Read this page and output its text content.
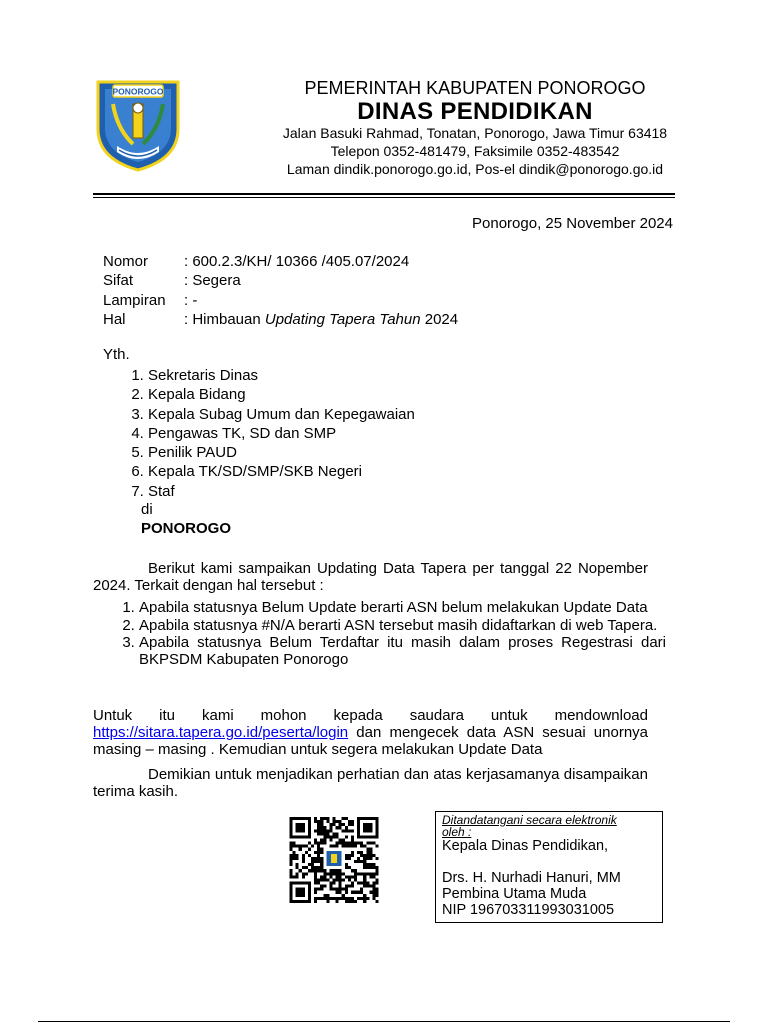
PONOROGO	PEMERINTAH KABUPATEN PONOROGO
DINAS PENDIDIKAN
Jalan Basuki Rahmad, Tonatan, Ponorogo, Jawa Timur 63418
Telepon 0352-481479, Faksimile 0352-483542
Laman dindik.ponorogo.go.id, Pos-el dindik@ponorogo.go.id
Ponorogo, 25 November 2024
Nomor : 600.2.3/KH/ 10366 /405.07/2024
Sifat	: Segera
Lampiran : -
Hal	: Himbauan Updating Tapera Tahun 2024
Yth.
1. Sekretaris Dinas
2. Kepala Bidang
3. Kepala Subag Umum dan Kepegawaian
4. Pengawas TK, SD dan SMP
5. Penilik PAUD
6. Kepala TK/SD/SMP/SKB Negeri
7. Staf
di
PONOROGO
Berikut kami sampaikan Updating Data Tapera per tanggal 22 Nopember 2024. Terkait dengan hal tersebut :
1. Apabila statusnya Belum Update berarti ASN belum melakukan Update Data
2. Apabila statusnya #N/A berarti ASN tersebut masih didaftarkan di web Tapera.
3. Apabila statusnya Belum Terdaftar itu masih dalam proses Regestrasi dari BKPSDM Kabupaten Ponorogo
Untuk itu kami mohon kepada saudara untuk mendownload https://sitara.tapera.go.id/peserta/login dan mengecek data ASN sesuai unornya masing – masing . Kemudian untuk segera melakukan Update Data
Demikian untuk menjadikan perhatian dan atas kerjasamanya disampaikan terima kasih.
Ditandatangani secara elektronik oleh :
Kepala Dinas Pendidikan,
Drs. H. Nurhadi Hanuri, MM
Pembina Utama Muda
NIP 196703311993031005
